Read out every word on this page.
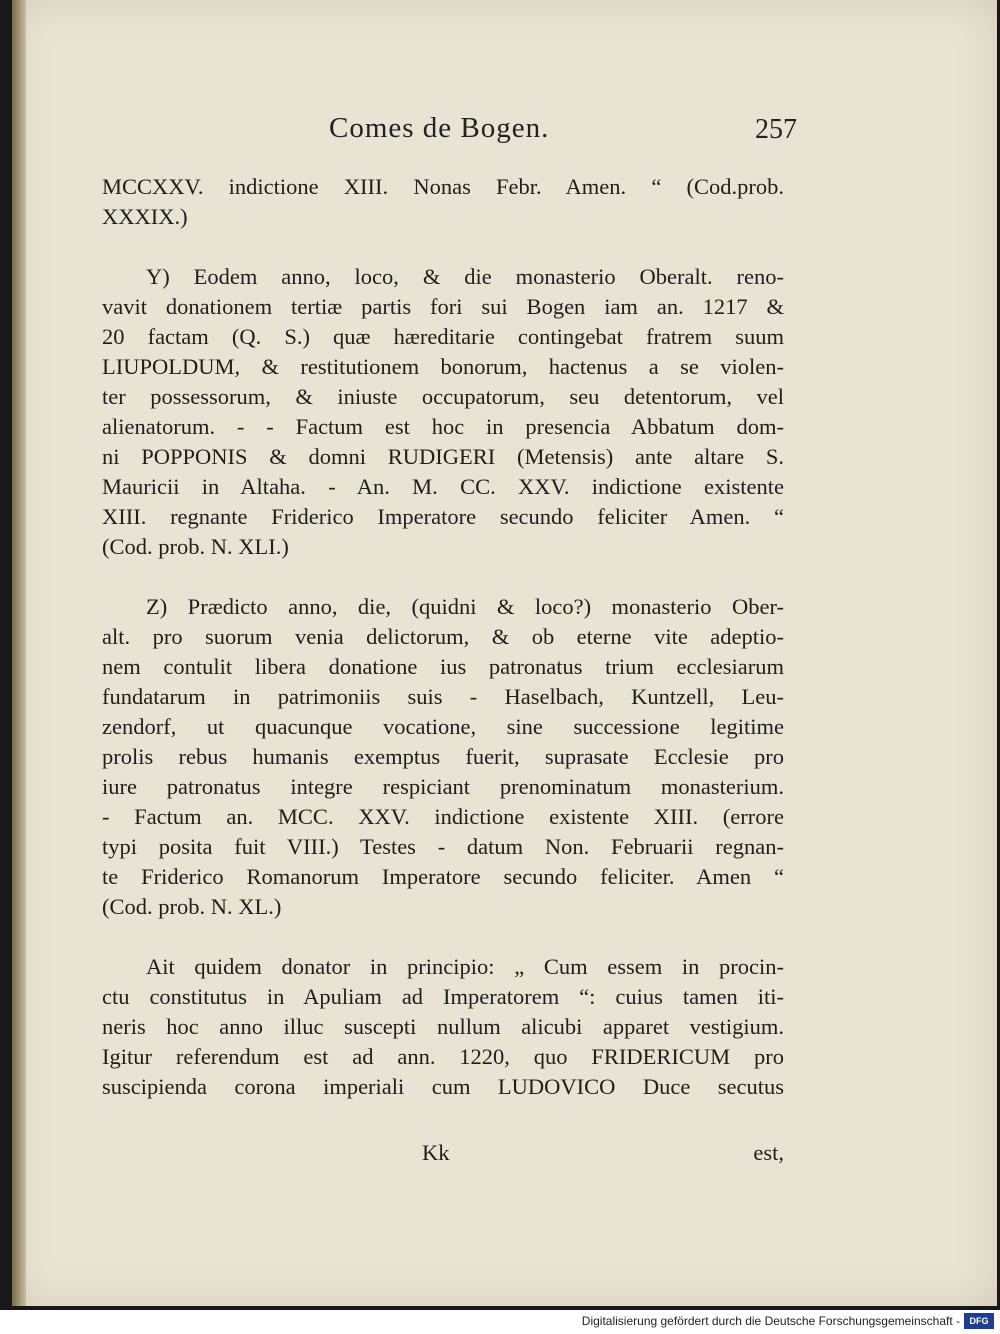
Comes de Bogen.	257
MCCXXV. indictione XIII. Nonas Febr. Amen. “ (Cod.prob.
XXXIX.)
Y) Eodem anno, loco, & die monasterio Oberalt. reno-
vavit donationem tertiæ partis fori sui Bogen iam an. 1217 &
20 factam (Q. S.) quæ hæreditarie contingebat fratrem suum
LIUPOLDUM, & restitutionem bonorum, hactenus a se violen-
ter possessorum, & iniuste occupatorum, seu detentorum, vel
alienatorum. - - Factum est hoc in presencia Abbatum dom-
ni POPPONIS & domni RUDIGERI (Metensis) ante altare S.
Mauricii in Altaha. - An. M. CC. XXV. indictione existente
XIII. regnante Friderico Imperatore secundo feliciter Amen. “
(Cod. prob. N. XLI.)
Z) Prædicto anno, die, (quidni & loco?) monasterio Ober-
alt. pro suorum venia delictorum, & ob eterne vite adeptio-
nem contulit libera donatione ius patronatus trium ecclesiarum
fundatarum in patrimoniis suis - Haselbach, Kuntzell, Leu-
zendorf, ut quacunque vocatione, sine successione legitime
prolis rebus humanis exemptus fuerit, suprasate Ecclesie pro
iure patronatus integre respiciant prenominatum monasterium.
- Factum an. MCC. XXV. indictione existente XIII. (errore
typi posita fuit VIII.) Testes - datum Non. Februarii regnan-
te Friderico Romanorum Imperatore secundo feliciter. Amen “
(Cod. prob. N. XL.)
Ait quidem donator in principio: „ Cum essem in procin-
ctu constitutus in Apuliam ad Imperatorem “: cuius tamen iti-
neris hoc anno illuc suscepti nullum alicubi apparet vestigium.
Igitur referendum est ad ann. 1220, quo FRIDERICUM pro
suscipienda corona imperiali cum LUDOVICO Duce secutus
Kk	est,
Digitalisierung gefördert durch die Deutsche Forschungsgemeinschaft -	DFG
